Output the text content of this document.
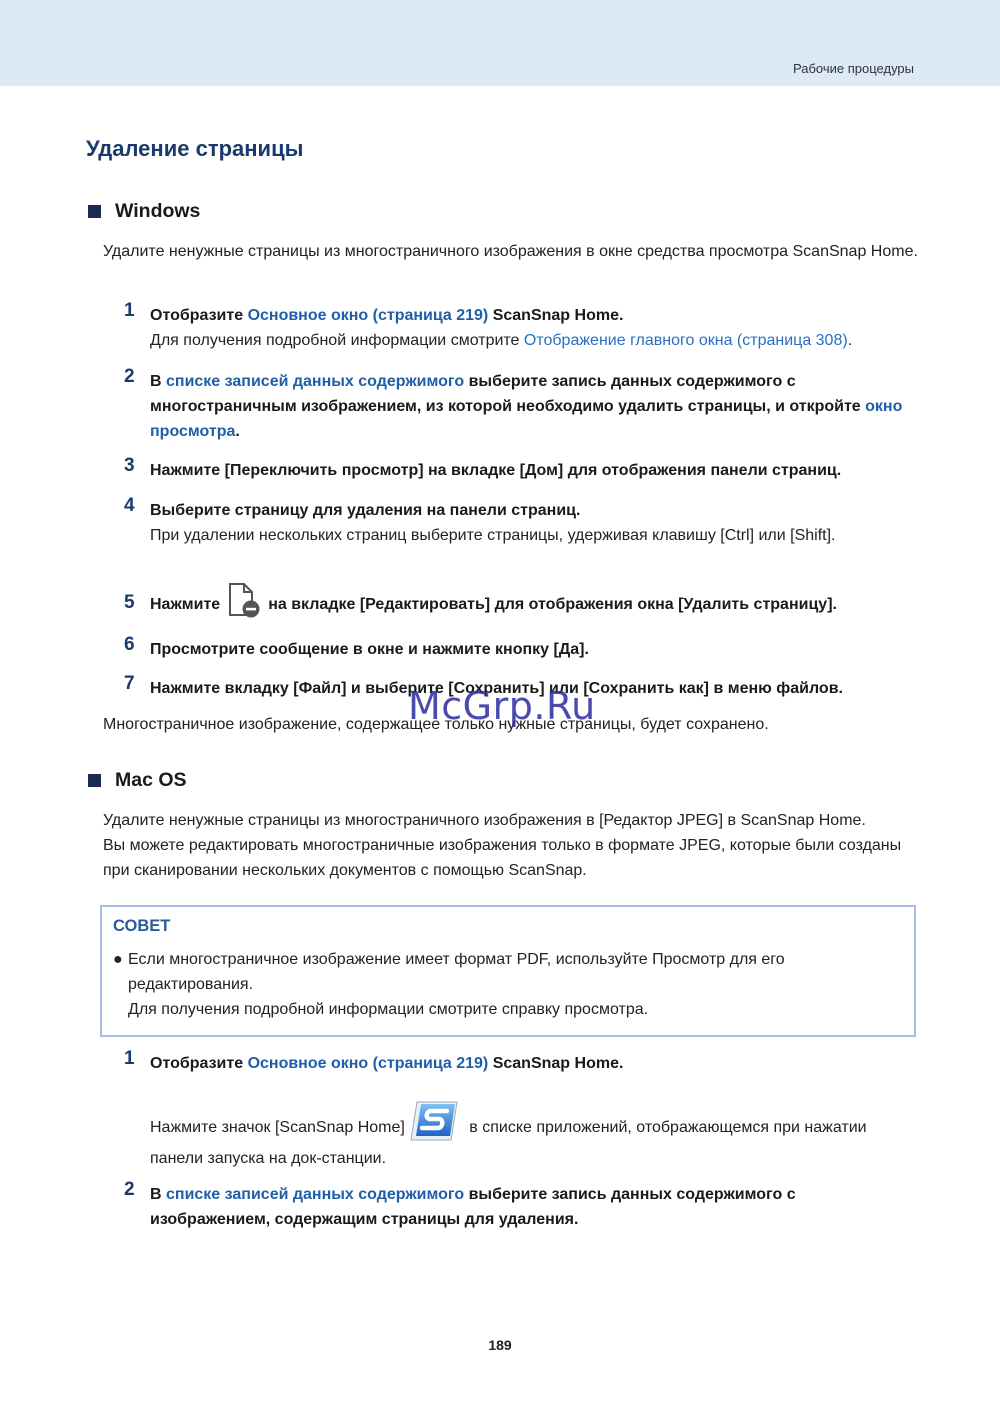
Рабочие процедуры
Удаление страницы
Windows
Удалите ненужные страницы из многостраничного изображения в окне средства просмотра ScanSnap Home.
1 Отобразите Основное окно (страница 219) ScanSnap Home.
Для получения подробной информации смотрите Отображение главного окна (страница 308).
2 В списке записей данных содержимого выберите запись данных содержимого с многостраничным изображением, из которой необходимо удалить страницы, и откройте окно просмотра.
3 Нажмите [Переключить просмотр] на вкладке [Дом] для отображения панели страниц.
4 Выберите страницу для удаления на панели страниц.
При удалении нескольких страниц выберите страницы, удерживая клавишу [Ctrl] или [Shift].
5 Нажмите	на вкладке [Редактировать] для отображения окна [Удалить страницу].
6 Просмотрите сообщение в окне и нажмите кнопку [Да].
7 Нажмите вкладку [Файл] и выберите [Сохранить] или [Сохранить как] в меню файлов.
Многостраничное изображение, содержащее только нужные страницы, будет сохранено.
McGrp.Ru
Mac OS
Удалите ненужные страницы из многостраничного изображения в [Редактор JPEG] в ScanSnap Home.
Вы можете редактировать многостраничные изображения только в формате JPEG, которые были созданы при сканировании нескольких документов с помощью ScanSnap.
СОВЕТ
● Если многостраничное изображение имеет формат PDF, используйте Просмотр для его редактирования.
Для получения подробной информации смотрите справку просмотра.
1 Отобразите Основное окно (страница 219) ScanSnap Home.
Нажмите значок [ScanSnap Home]	в списке приложений, отображающемся при нажатии панели запуска на док-станции.
2 В списке записей данных содержимого выберите запись данных содержимого с изображением, содержащим страницы для удаления.
189
